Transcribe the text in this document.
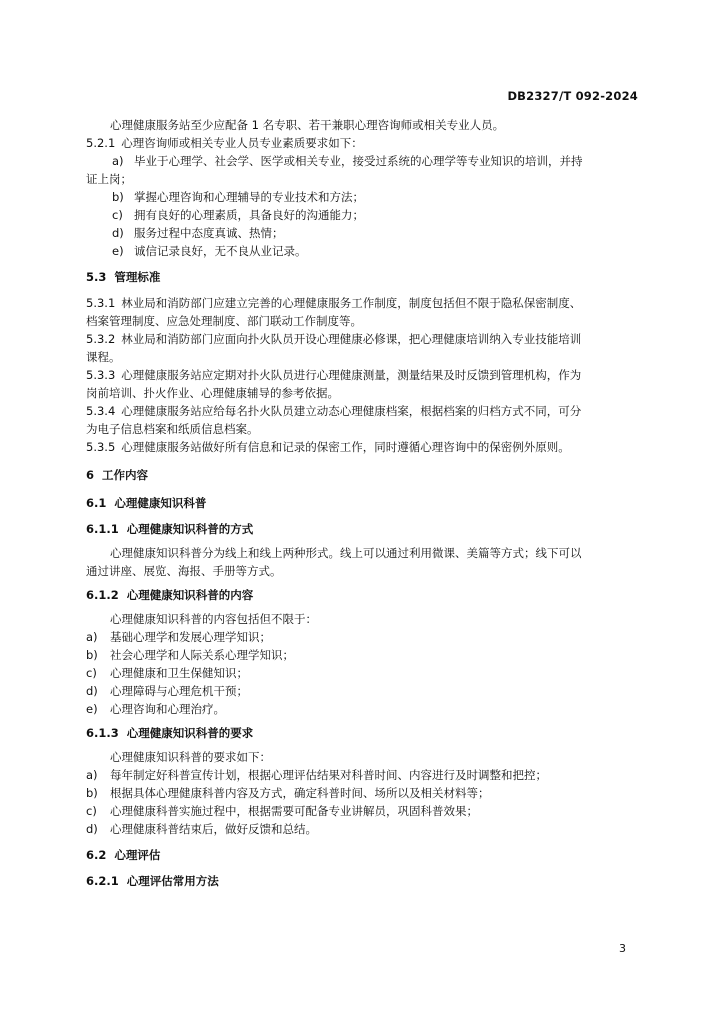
DB2327/T 092-2024

心理健康服务站至少应配备 1 名专职、若干兼职心理咨询师或相关专业人员。

5.2.1 心理咨询师或相关专业人员专业素质要求如下：

a) 毕业于心理学、社会学、医学或相关专业，接受过系统的心理学等专业知识的培训，并持

证上岗；

b) 掌握心理咨询和心理辅导的专业技术和方法；

c) 拥有良好的心理素质，具备良好的沟通能力；

d) 服务过程中态度真诚、热情；

e) 诚信记录良好，无不良从业记录。

5.3 管理标准

5.3.1 林业局和消防部门应建立完善的心理健康服务工作制度，制度包括但不限于隐私保密制度、

档案管理制度、应急处理制度、部门联动工作制度等。

5.3.2 林业局和消防部门应面向扑火队员开设心理健康必修课，把心理健康培训纳入专业技能培训

课程。

5.3.3 心理健康服务站应定期对扑火队员进行心理健康测量，测量结果及时反馈到管理机构，作为

岗前培训、扑火作业、心理健康辅导的参考依据。

5.3.4 心理健康服务站应给每名扑火队员建立动态心理健康档案，根据档案的归档方式不同，可分

为电子信息档案和纸质信息档案。

5.3.5 心理健康服务站做好所有信息和记录的保密工作，同时遵循心理咨询中的保密例外原则。

6 工作内容

6.1 心理健康知识科普

6.1.1 心理健康知识科普的方式

心理健康知识科普分为线上和线上两种形式。线上可以通过利用微课、美篇等方式；线下可以

通过讲座、展览、海报、手册等方式。

6.1.2 心理健康知识科普的内容

心理健康知识科普的内容包括但不限于：

a) 基础心理学和发展心理学知识；

b) 社会心理学和人际关系心理学知识；

c) 心理健康和卫生保健知识；

d) 心理障碍与心理危机干预；

e) 心理咨询和心理治疗。

6.1.3 心理健康知识科普的要求

心理健康知识科普的要求如下：

a) 每年制定好科普宣传计划，根据心理评估结果对科普时间、内容进行及时调整和把控；

b) 根据具体心理健康科普内容及方式，确定科普时间、场所以及相关材料等；

c) 心理健康科普实施过程中，根据需要可配备专业讲解员，巩固科普效果；

d) 心理健康科普结束后，做好反馈和总结。

6.2 心理评估

6.2.1 心理评估常用方法

3
